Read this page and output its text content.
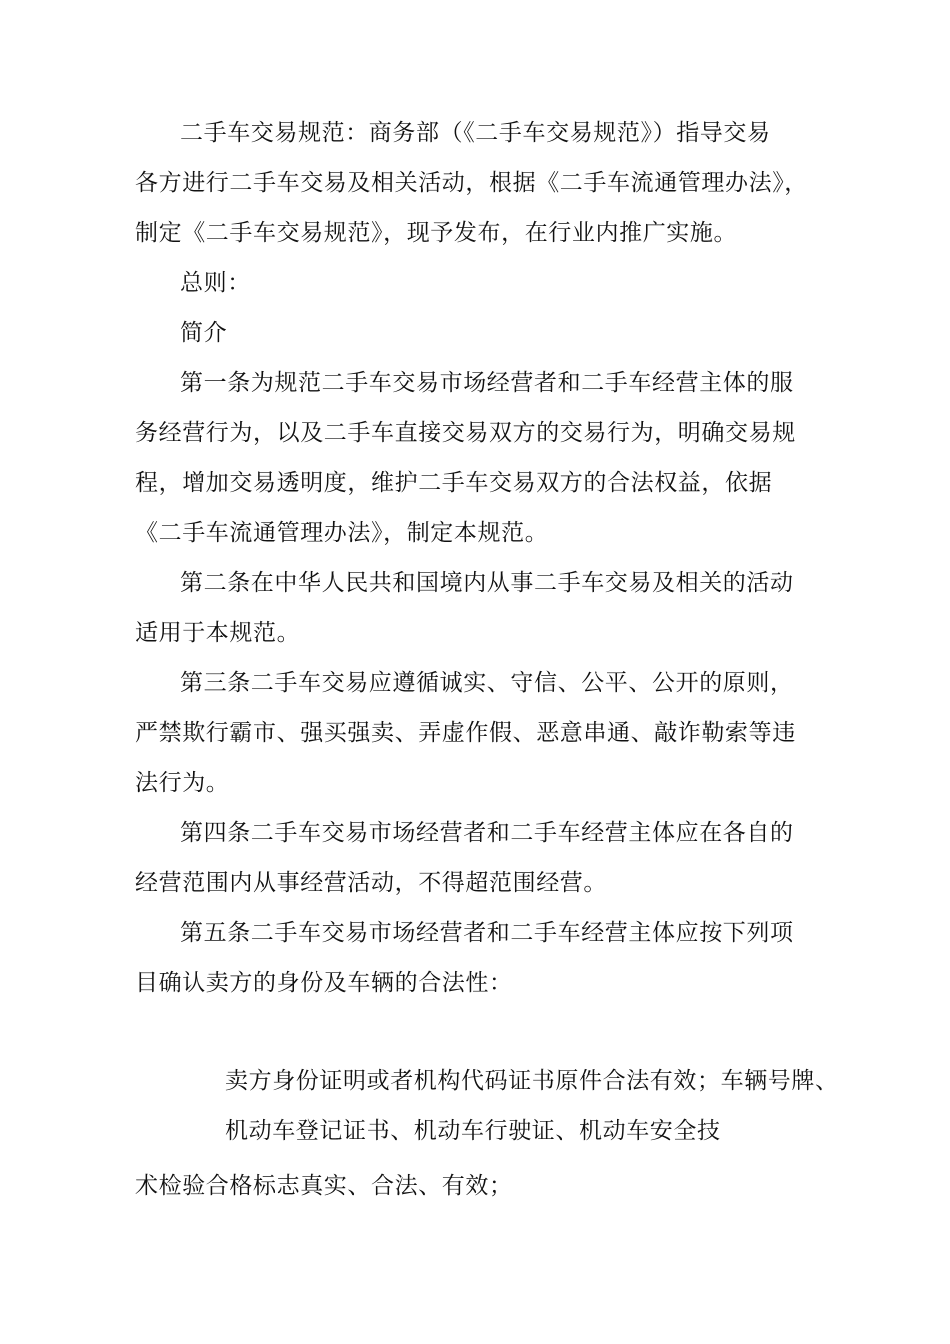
二手车交易规范：商务部（《二手车交易规范》）指导交易
各方进行二手车交易及相关活动，根据《二手车流通管理办法》，
制定《二手车交易规范》，现予发布，在行业内推广实施。
总则：
简介
第一条为规范二手车交易市场经营者和二手车经营主体的服
务经营行为，以及二手车直接交易双方的交易行为，明确交易规
程，增加交易透明度，维护二手车交易双方的合法权益，依据
《二手车流通管理办法》，制定本规范。
第二条在中华人民共和国境内从事二手车交易及相关的活动
适用于本规范。
第三条二手车交易应遵循诚实、守信、公平、公开的原则，
严禁欺行霸市、强买强卖、弄虚作假、恶意串通、敲诈勒索等违
法行为。
第四条二手车交易市场经营者和二手车经营主体应在各自的
经营范围内从事经营活动，不得超范围经营。
第五条二手车交易市场经营者和二手车经营主体应按下列项
目确认卖方的身份及车辆的合法性：
卖方身份证明或者机构代码证书原件合法有效；车辆号牌、
机动车登记证书、机动车行驶证、机动车安全技
术检验合格标志真实、合法、有效；
